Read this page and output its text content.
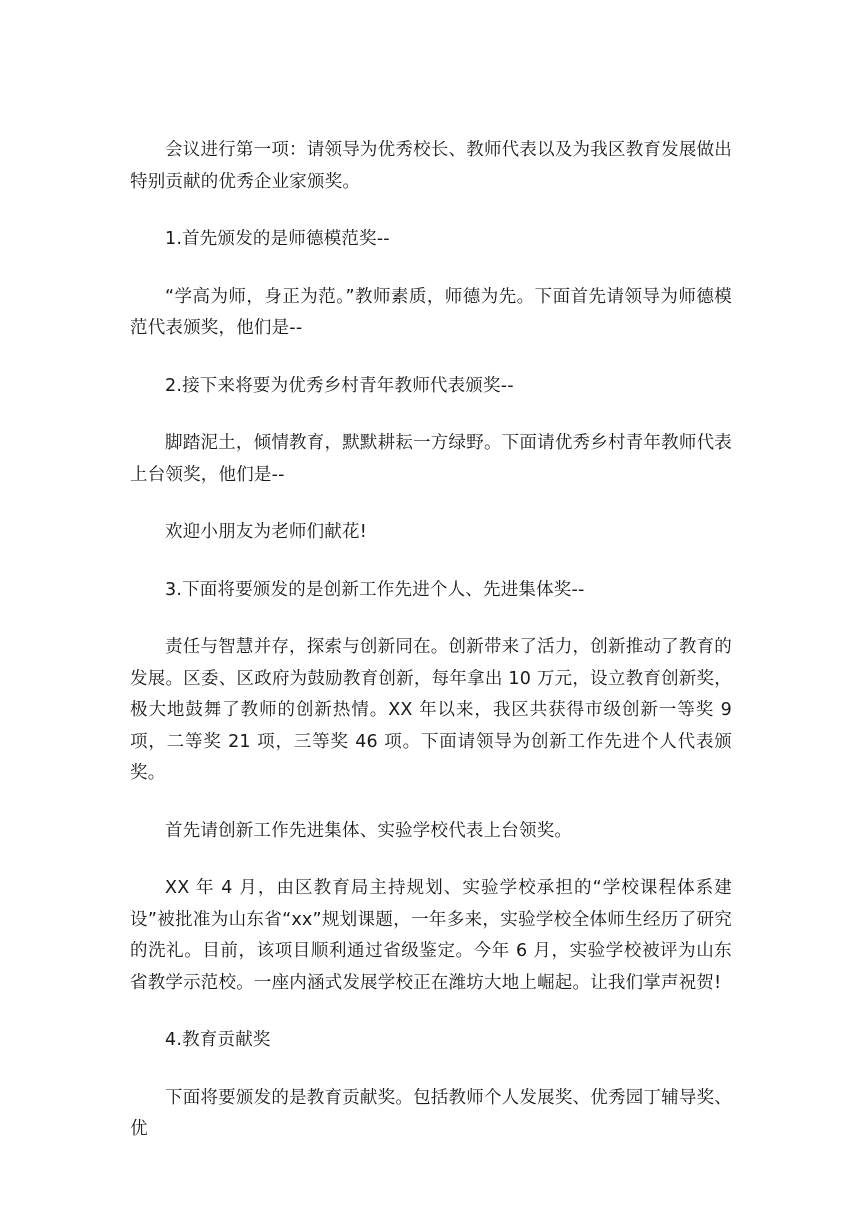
会议进行第一项：请领导为优秀校长、教师代表以及为我区教育发展做出特别贡献的优秀企业家颁奖。

1.首先颁发的是师德模范奖--

“学高为师，身正为范。”教师素质，师德为先。下面首先请领导为师德模范代表颁奖，他们是--

2.接下来将要为优秀乡村青年教师代表颁奖--

脚踏泥土，倾情教育，默默耕耘一方绿野。下面请优秀乡村青年教师代表上台领奖，他们是--

欢迎小朋友为老师们献花!

3.下面将要颁发的是创新工作先进个人、先进集体奖--

责任与智慧并存，探索与创新同在。创新带来了活力，创新推动了教育的发展。区委、区政府为鼓励教育创新，每年拿出 10 万元，设立教育创新奖，极大地鼓舞了教师的创新热情。XX 年以来，我区共获得市级创新一等奖 9 项，二等奖 21 项，三等奖 46 项。下面请领导为创新工作先进个人代表颁奖。

首先请创新工作先进集体、实验学校代表上台领奖。

XX 年 4 月，由区教育局主持规划、实验学校承担的“学校课程体系建设”被批准为山东省“xx”规划课题，一年多来，实验学校全体师生经历了研究的洗礼。目前，该项目顺利通过省级鉴定。今年 6 月，实验学校被评为山东省教学示范校。一座内涵式发展学校正在潍坊大地上崛起。让我们掌声祝贺!

4.教育贡献奖

下面将要颁发的是教育贡献奖。包括教师个人发展奖、优秀园丁辅导奖、优
